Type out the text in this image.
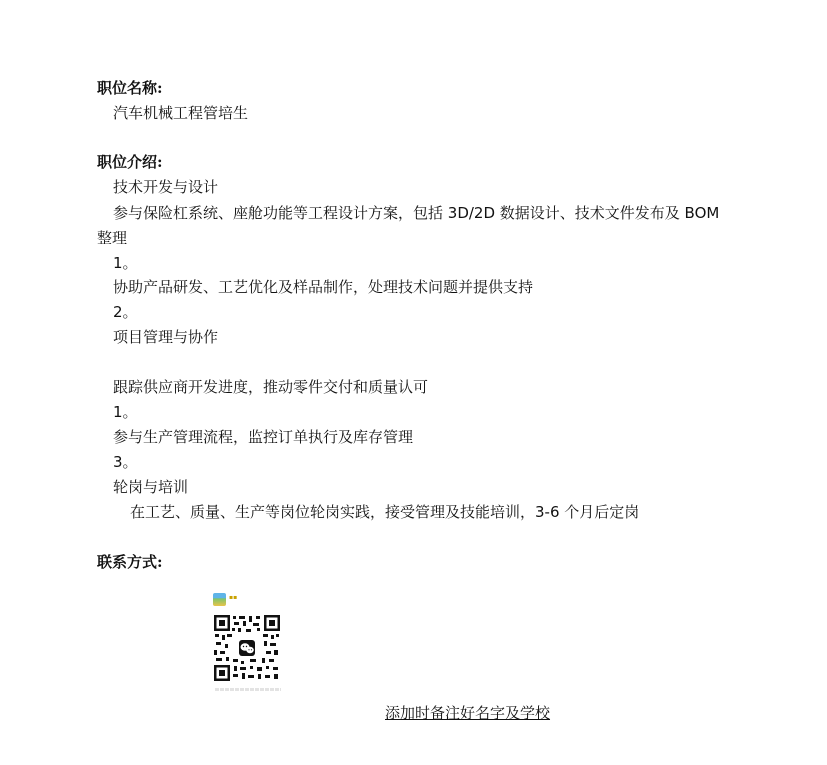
职位名称:
汽车机械工程管培生
职位介绍:
技术开发与设计
参与保险杠系统、座舱功能等工程设计方案，包括 3D/2D 数据设计、技术文件发布及 BOM
整理
1。
协助产品研发、工艺优化及样品制作，处理技术问题并提供支持
2。
项目管理与协作
跟踪供应商开发进度，推动零件交付和质量认可
1。
参与生产管理流程，监控订单执行及库存管理
3。
轮岗与培训
在工艺、质量、生产等岗位轮岗实践，接受管理及技能培训，3-6 个月后定岗
联系方式:
▪▪
添加时备注好名字及学校
